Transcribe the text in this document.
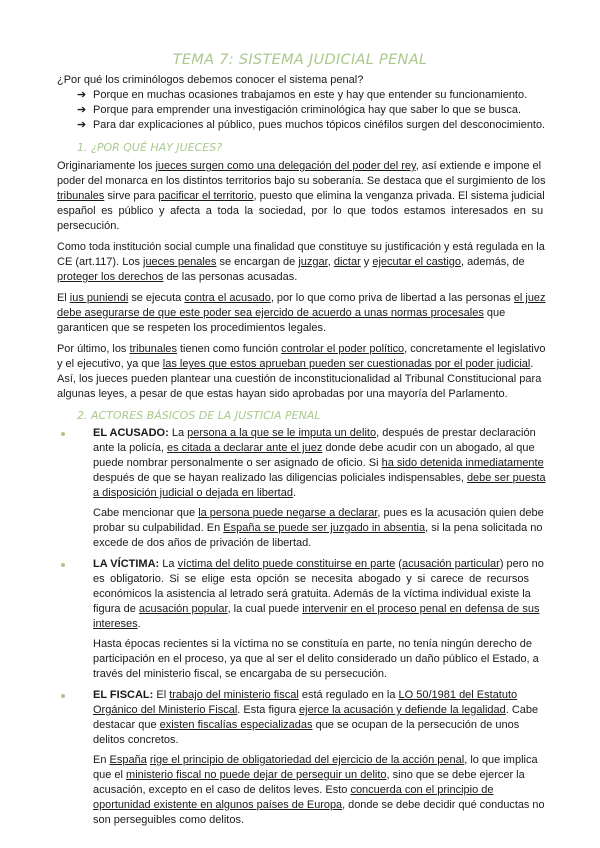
TEMA 7: SISTEMA JUDICIAL PENAL
¿Por qué los criminólogos debemos conocer el sistema penal?
➔ Porque en muchas ocasiones trabajamos en este y hay que entender su funcionamiento.
➔ Porque para emprender una investigación criminológica hay que saber lo que se busca.
➔ Para dar explicaciones al público, pues muchos tópicos cinéfilos surgen del desconocimiento.
1. ¿POR QUÉ HAY JUECES?
Originariamente los jueces surgen como una delegación del poder del rey, así extiende e impone el
poder del monarca en los distintos territorios bajo su soberanía. Se destaca que el surgimiento de los
tribunales sirve para pacificar el territorio, puesto que elimina la venganza privada. El sistema judicial
español es público y afecta a toda la sociedad, por lo que todos estamos interesados en su
persecución.
Como toda institución social cumple una finalidad que constituye su justificación y está regulada en la
CE (art.117). Los jueces penales se encargan de juzgar, dictar y ejecutar el castigo, además, de
proteger los derechos de las personas acusadas.
El ius puniendi se ejecuta contra el acusado, por lo que como priva de libertad a las personas el juez
debe asegurarse de que este poder sea ejercido de acuerdo a unas normas procesales que
garanticen que se respeten los procedimientos legales.
Por último, los tribunales tienen como función controlar el poder político, concretamente el legislativo
y el ejecutivo, ya que las leyes que estos aprueban pueden ser cuestionadas por el poder judicial.
Así, los jueces pueden plantear una cuestión de inconstitucionalidad al Tribunal Constitucional para
algunas leyes, a pesar de que estas hayan sido aprobadas por una mayoría del Parlamento.
2. ACTORES BÁSICOS DE LA JUSTICIA PENAL
EL ACUSADO: La persona a la que se le imputa un delito, después de prestar declaración
ante la policía, es citada a declarar ante el juez donde debe acudir con un abogado, al que
puede nombrar personalmente o ser asignado de oficio. Si ha sido detenida inmediatamente
después de que se hayan realizado las diligencias policiales indispensables, debe ser puesta
a disposición judicial o dejada en libertad.
Cabe mencionar que la persona puede negarse a declarar, pues es la acusación quien debe
probar su culpabilidad. En España se puede ser juzgado in absentia, si la pena solicitada no
excede de dos años de privación de libertad.
LA VÍCTIMA: La víctima del delito puede constituirse en parte (acusación particular) pero no
es obligatorio. Si se elige esta opción se necesita abogado y si carece de recursos
económicos la asistencia al letrado será gratuita. Además de la víctima individual existe la
figura de acusación popular, la cual puede intervenir en el proceso penal en defensa de sus
intereses.
Hasta épocas recientes si la víctima no se constituía en parte, no tenía ningún derecho de
participación en el proceso, ya que al ser el delito considerado un daño público el Estado, a
través del ministerio fiscal, se encargaba de su persecución.
EL FISCAL: El trabajo del ministerio fiscal está regulado en la LO 50/1981 del Estatuto
Orgánico del Ministerio Fiscal. Esta figura ejerce la acusación y defiende la legalidad. Cabe
destacar que existen fiscalías especializadas que se ocupan de la persecución de unos
delitos concretos.
En España rige el principio de obligatoriedad del ejercicio de la acción penal, lo que implica
que el ministerio fiscal no puede dejar de perseguir un delito, sino que se debe ejercer la
acusación, excepto en el caso de delitos leves. Esto concuerda con el principio de
oportunidad existente en algunos países de Europa, donde se debe decidir qué conductas no
son perseguibles como delitos.
